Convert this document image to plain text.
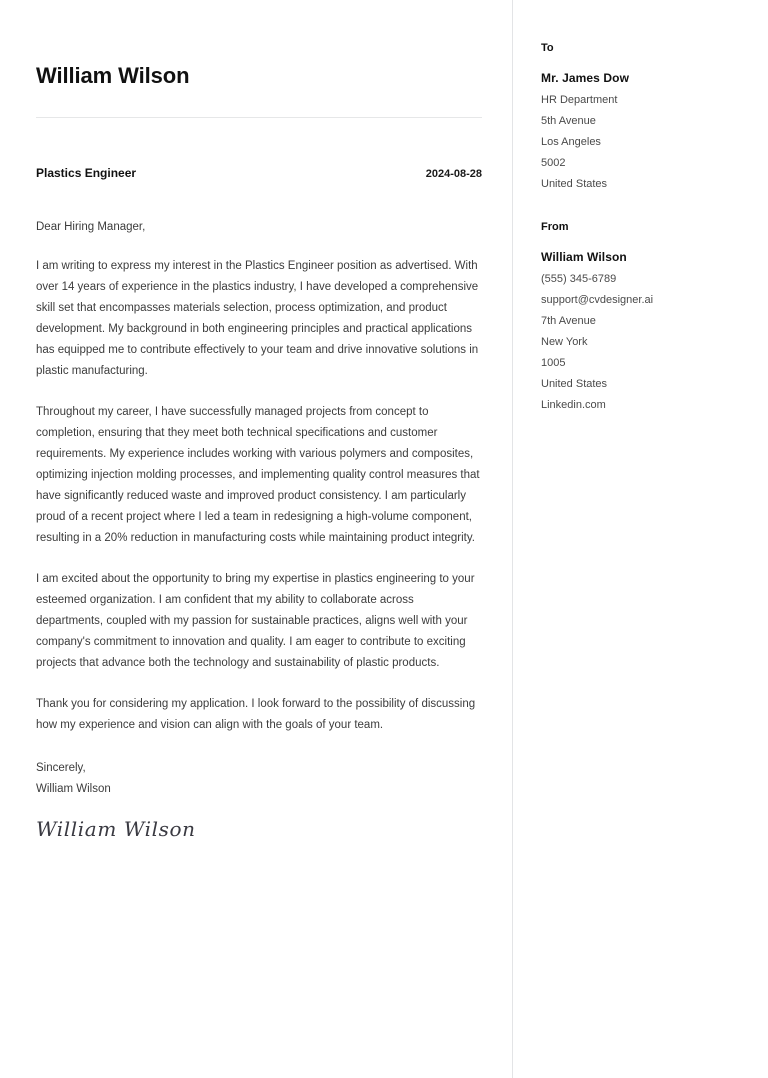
William Wilson
Plastics Engineer	2024-08-28
Dear Hiring Manager,

I am writing to express my interest in the Plastics Engineer position as advertised. With over 14 years of experience in the plastics industry, I have developed a comprehensive skill set that encompasses materials selection, process optimization, and product development. My background in both engineering principles and practical applications has equipped me to contribute effectively to your team and drive innovative solutions in plastic manufacturing.

Throughout my career, I have successfully managed projects from concept to completion, ensuring that they meet both technical specifications and customer requirements. My experience includes working with various polymers and composites, optimizing injection molding processes, and implementing quality control measures that have significantly reduced waste and improved product consistency. I am particularly proud of a recent project where I led a team in redesigning a high-volume component, resulting in a 20% reduction in manufacturing costs while maintaining product integrity.

I am excited about the opportunity to bring my expertise in plastics engineering to your esteemed organization. I am confident that my ability to collaborate across departments, coupled with my passion for sustainable practices, aligns well with your company's commitment to innovation and quality. I am eager to contribute to exciting projects that advance both the technology and sustainability of plastic products.

Thank you for considering my application. I look forward to the possibility of discussing how my experience and vision can align with the goals of your team.

Sincerely,
William Wilson
William Wilson
To
Mr. James Dow
HR Department
5th Avenue
Los Angeles
5002
United States
From
William Wilson
(555) 345-6789
support@cvdesigner.ai
7th Avenue
New York
1005
United States
Linkedin.com
